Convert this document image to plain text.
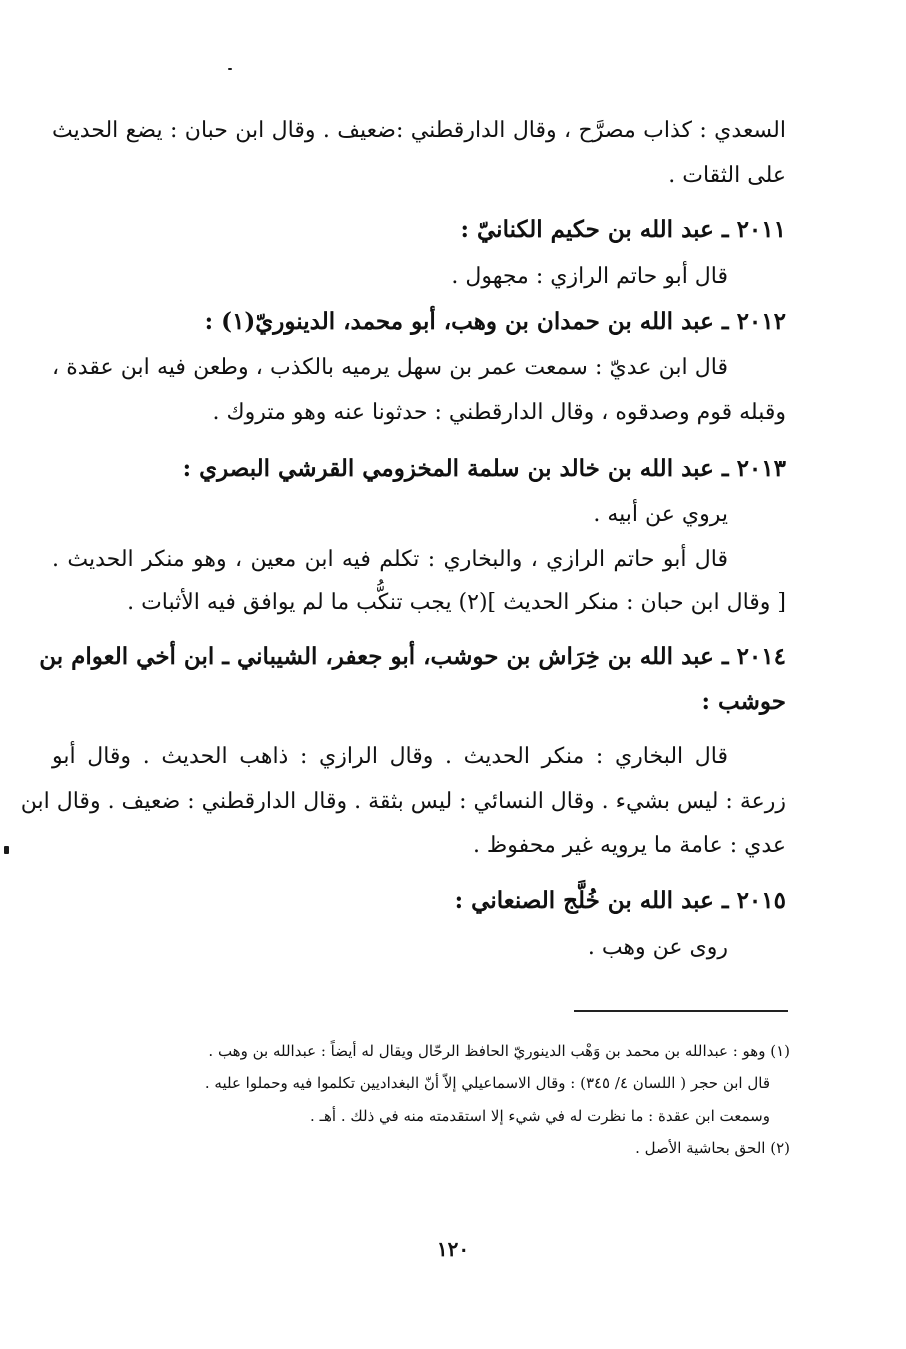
السعدي : كذاب مصرَّح ، وقال الدارقطني :ضعيف . وقال ابن حبان : يضع الحديث
على الثقات .
٢٠١١ ـ عبد الله بن حكيم الكنانيّ :
قال أبو حاتم الرازي : مجهول .
٢٠١٢ ـ عبد الله بن حمدان بن وهب، أبو محمد، الدينوريّ(١) :
قال ابن عديّ : سمعت عمر بن سهل يرميه بالكذب ، وطعن فيه ابن عقدة ،
وقبله قوم وصدقوه ، وقال الدارقطني : حدثونا عنه وهو متروك .
٢٠١٣ ـ عبد الله بن خالد بن سلمة المخزومي القرشي البصري :
يروي عن أبيه .
قال أبو حاتم الرازي ، والبخاري : تكلم فيه ابن معين ، وهو منكر الحديث .
[ وقال ابن حبان : منكر الحديث ](٢) يجب تنكُّب ما لم يوافق فيه الأثبات .
٢٠١٤ ـ عبد الله بن خِرَاش بن حوشب، أبو جعفر، الشيباني ـ ابن أخي العوام بن
حوشب :
قال البخاري : منكر الحديث . وقال الرازي : ذاهب الحديث . وقال أبو
زرعة : ليس بشيء . وقال النسائي : ليس بثقة . وقال الدارقطني : ضعيف . وقال ابن
عدي : عامة ما يرويه غير محفوظ .
٢٠١٥ ـ عبد الله بن خُلَّج الصنعاني :
روى عن وهب .
(١) وهو : عبدالله بن محمد بن وَهْب الدينوريّ الحافظ الرحّال ويقال له أيضاً : عبدالله بن وهب .
قال ابن حجر ( اللسان ٤/ ٣٤٥) : وقال الاسماعيلي إلاّ أنّ البغداديين تكلموا فيه وحملوا عليه .
وسمعت ابن عقدة : ما نظرت له في شيء إلا استقدمته منه في ذلك . أهـ .
(٢) الحق بحاشية الأصل .
١٢٠
